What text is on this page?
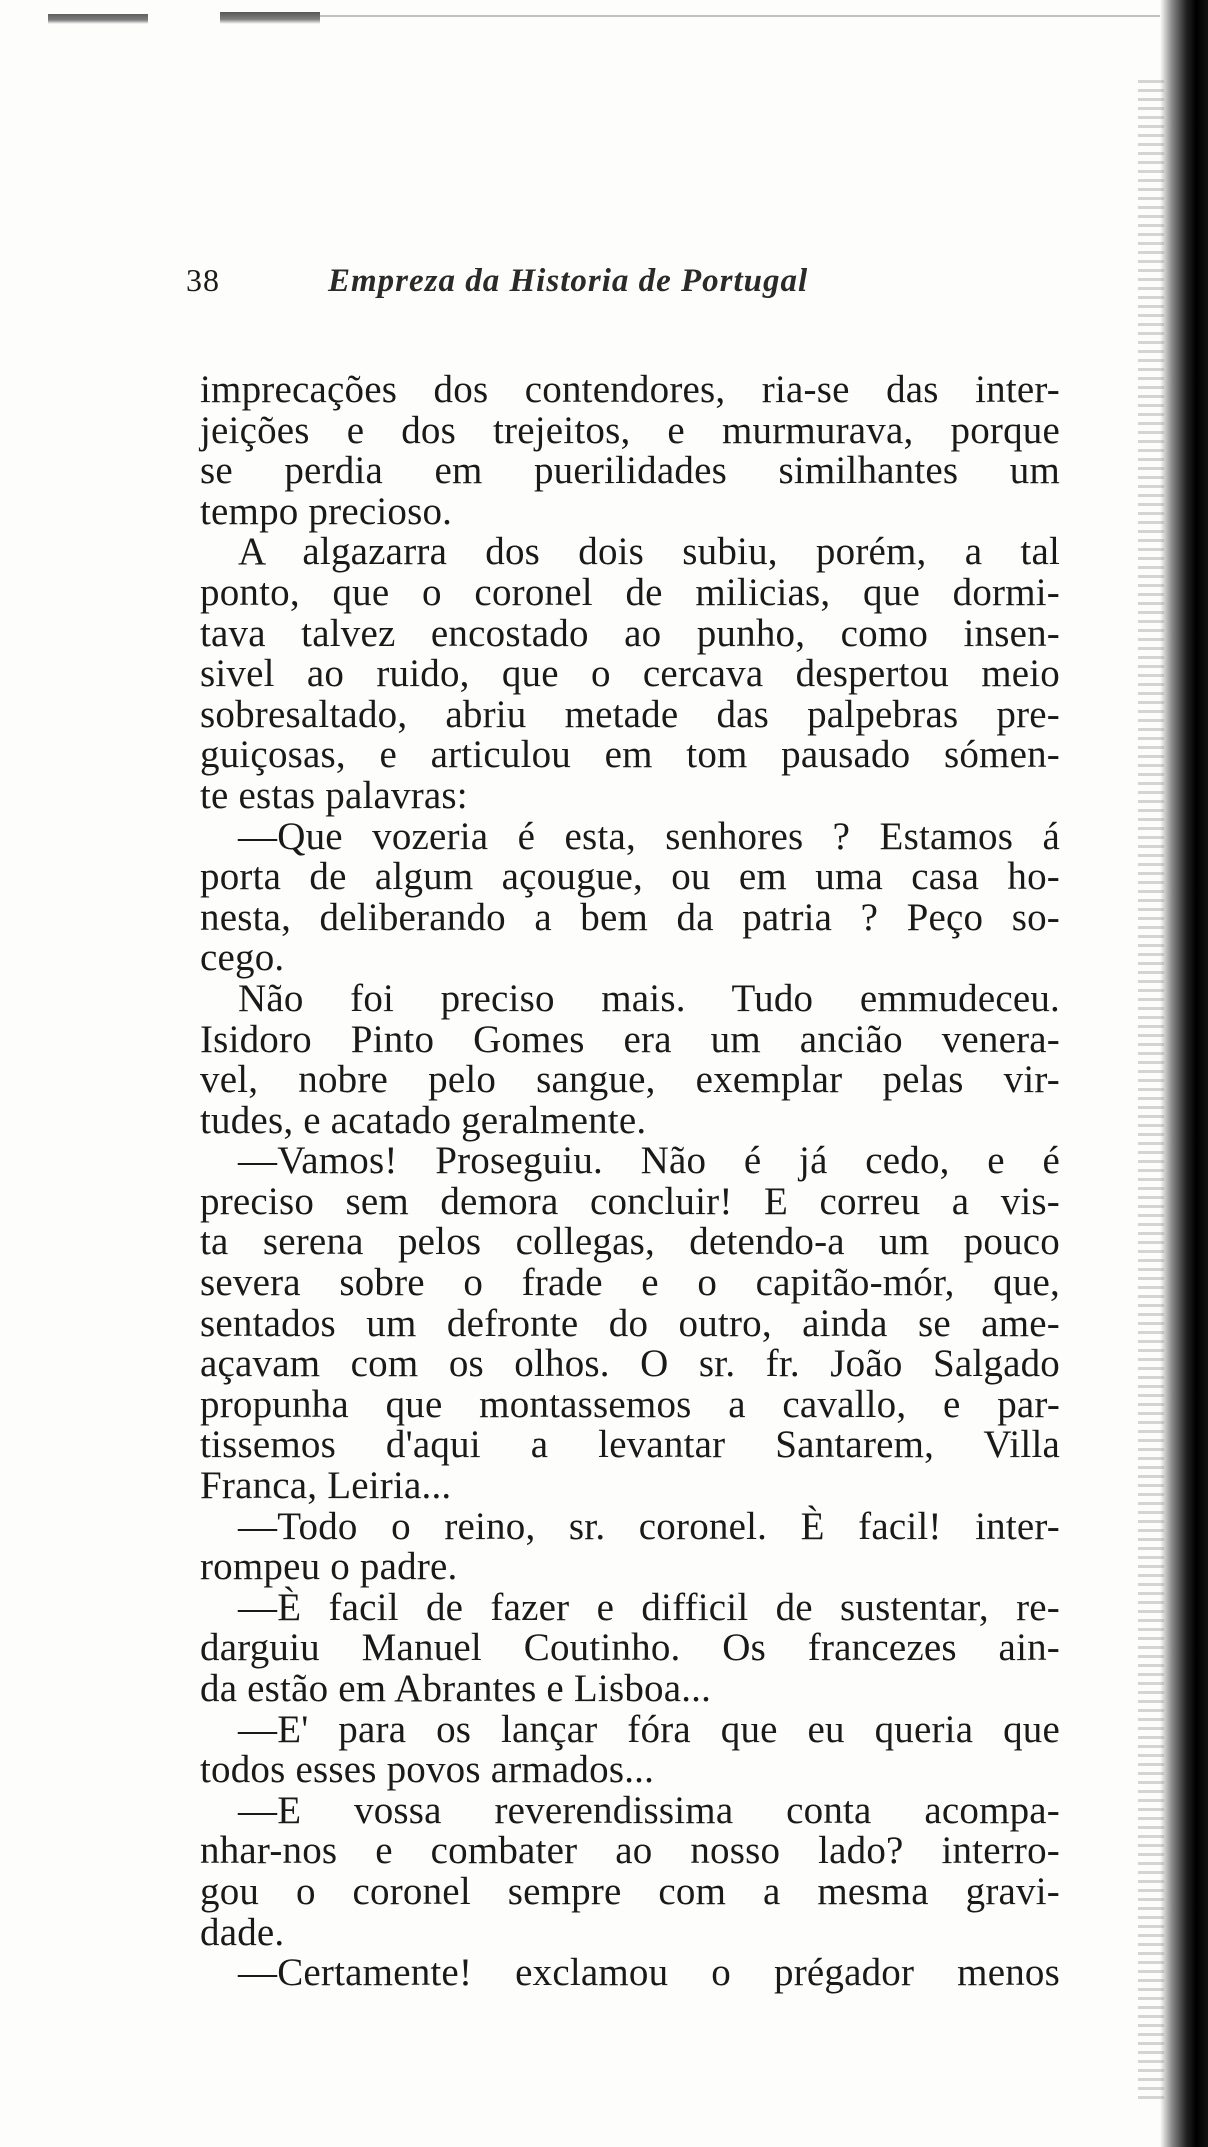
38	Empreza da Historia de Portugal
imprecações dos contendores, ria-se das inter-
jeições e dos trejeitos, e murmurava, porque
se perdia em puerilidades similhantes um
tempo precioso.
A algazarra dos dois subiu, porém, a tal
ponto, que o coronel de milicias, que dormi-
tava talvez encostado ao punho, como insen-
sivel ao ruido, que o cercava despertou meio
sobresaltado, abriu metade das palpebras pre-
guiçosas, e articulou em tom pausado sómen-
te estas palavras:
—Que vozeria é esta, senhores ? Estamos á
porta de algum açougue, ou em uma casa ho-
nesta, deliberando a bem da patria ? Peço so-
cego.
Não foi preciso mais. Tudo emmudeceu.
Isidoro Pinto Gomes era um ancião venera-
vel, nobre pelo sangue, exemplar pelas vir-
tudes, e acatado geralmente.
—Vamos! Proseguiu. Não é já cedo, e é
preciso sem demora concluir! E correu a vis-
ta serena pelos collegas, detendo-a um pouco
severa sobre o frade e o capitão-mór, que,
sentados um defronte do outro, ainda se ame-
açavam com os olhos. O sr. fr. João Salgado
propunha que montassemos a cavallo, e par-
tissemos d'aqui a levantar Santarem, Villa
Franca, Leiria...
—Todo o reino, sr. coronel. È facil! inter-
rompeu o padre.
—È facil de fazer e difficil de sustentar, re-
darguiu Manuel Coutinho. Os francezes ain-
da estão em Abrantes e Lisboa...
—E' para os lançar fóra que eu queria que
todos esses povos armados...
—E vossa reverendissima conta acompa-
nhar-nos e combater ao nosso lado? interro-
gou o coronel sempre com a mesma gravi-
dade.
—Certamente! exclamou o prégador menos
